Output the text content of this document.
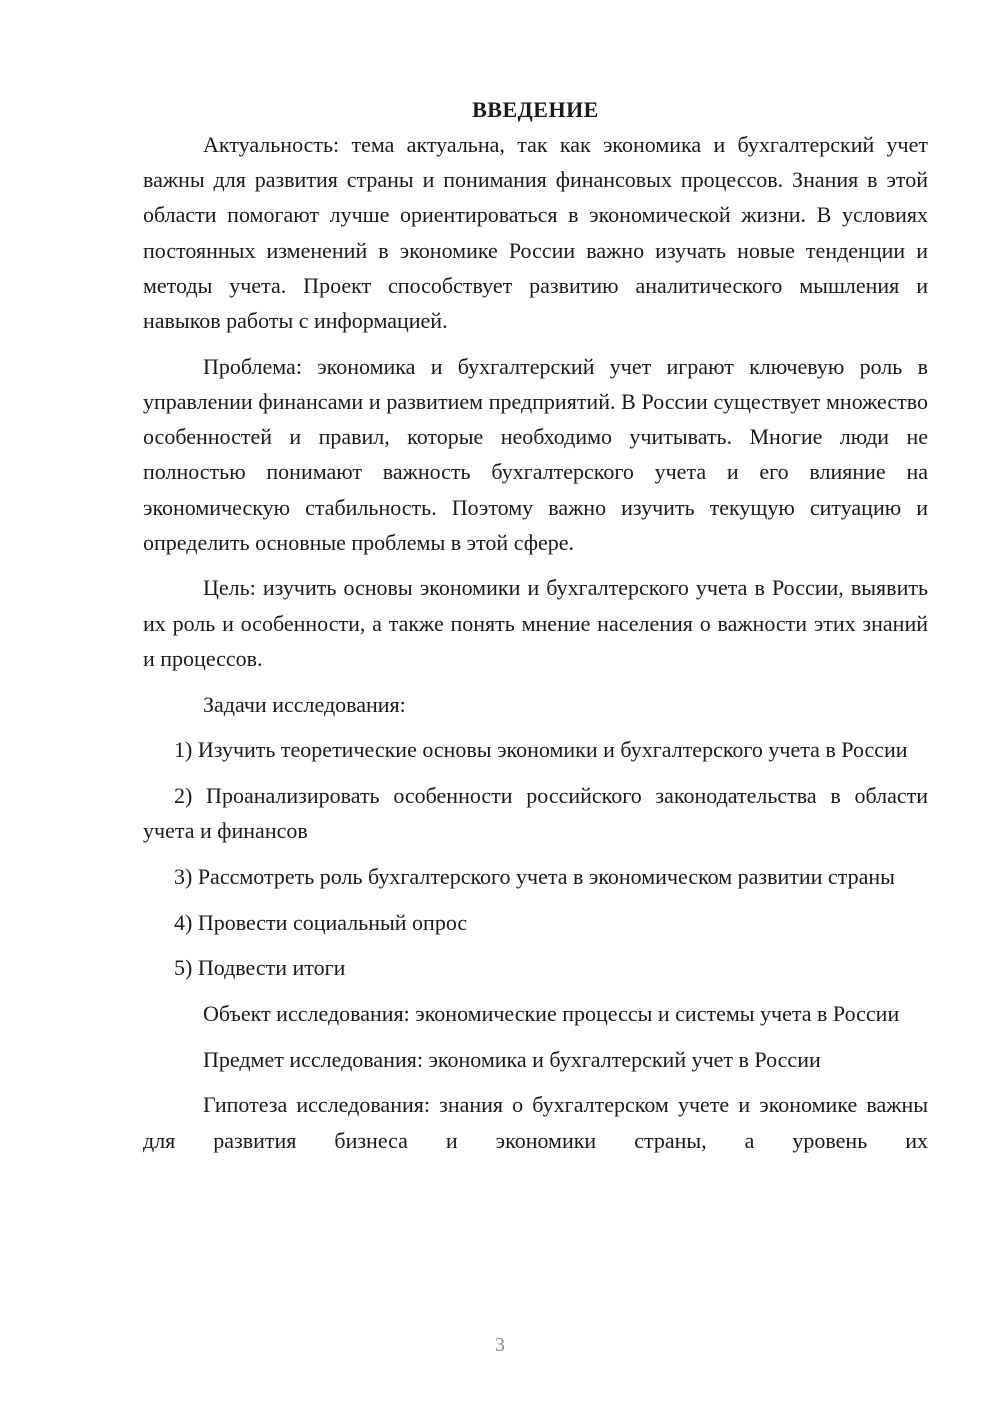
ВВЕДЕНИЕ

Актуальность: тема актуальна, так как экономика и бухгалтерский учет важны для развития страны и понимания финансовых процессов. Знания в этой области помогают лучше ориентироваться в экономической жизни. В условиях постоянных изменений в экономике России важно изучать новые тенденции и методы учета. Проект способствует развитию аналитического мышления и навыков работы с информацией.

Проблема: экономика и бухгалтерский учет играют ключевую роль в управлении финансами и развитием предприятий. В России существует множество особенностей и правил, которые необходимо учитывать. Многие люди не полностью понимают важность бухгалтерского учета и его влияние на экономическую стабильность. Поэтому важно изучить текущую ситуацию и определить основные проблемы в этой сфере.

Цель: изучить основы экономики и бухгалтерского учета в России, выявить их роль и особенности, а также понять мнение населения о важности этих знаний и процессов.

Задачи исследования:

1) Изучить теоретические основы экономики и бухгалтерского учета в России

2) Проанализировать особенности российского законодательства в области учета и финансов

3) Рассмотреть роль бухгалтерского учета в экономическом развитии страны

4) Провести социальный опрос

5) Подвести итоги

Объект исследования: экономические процессы и системы учета в России

Предмет исследования: экономика и бухгалтерский учет в России

Гипотеза исследования: знания о бухгалтерском учете и экономике важны для развития бизнеса и экономики страны, а уровень их

3
